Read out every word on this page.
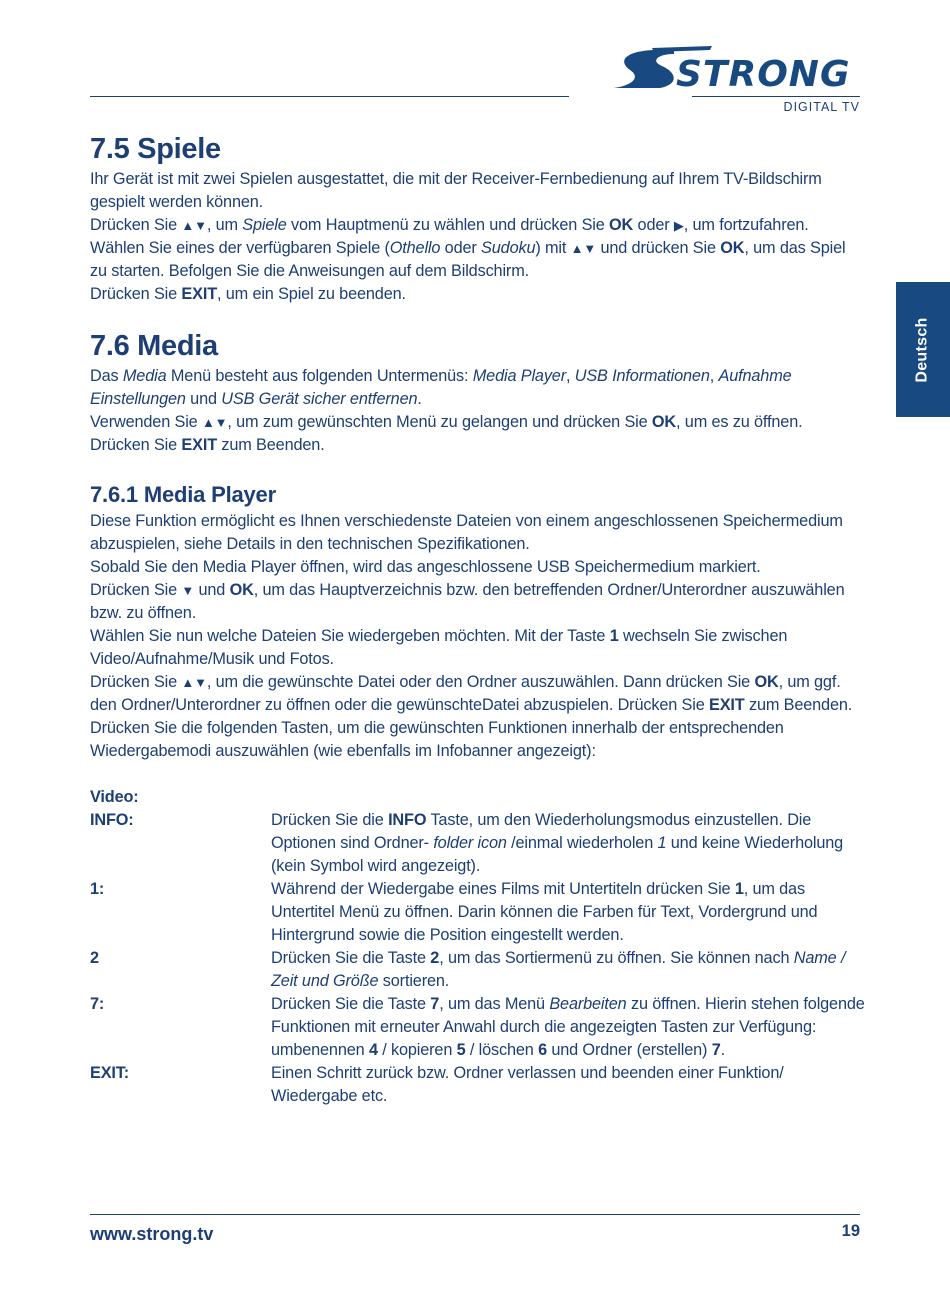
STRONG
DIGITAL TV
Deutsch
7.5 Spiele

Ihr Gerät ist mit zwei Spielen ausgestattet, die mit der Receiver-Fernbedienung auf Ihrem TV-Bildschirm gespielt werden können.

Drücken Sie ▲▼, um Spiele vom Hauptmenü zu wählen und drücken Sie OK oder ▶, um fortzufahren.

Wählen Sie eines der verfügbaren Spiele (Othello oder Sudoku) mit ▲▼ und drücken Sie OK, um das Spiel zu starten. Befolgen Sie die Anweisungen auf dem Bildschirm.

Drücken Sie EXIT, um ein Spiel zu beenden.

7.6 Media

Das Media Menü besteht aus folgenden Untermenüs: Media Player, USB Informationen, Aufnahme Einstellungen und USB Gerät sicher entfernen.

Verwenden Sie ▲▼, um zum gewünschten Menü zu gelangen und drücken Sie OK, um es zu öffnen.

Drücken Sie EXIT zum Beenden.

7.6.1 Media Player

Diese Funktion ermöglicht es Ihnen verschiedenste Dateien von einem angeschlossenen Speichermedium abzuspielen, siehe Details in den technischen Spezifikationen.

Sobald Sie den Media Player öffnen, wird das angeschlossene USB Speichermedium markiert.

Drücken Sie ▼ und OK, um das Hauptverzeichnis bzw. den betreffenden Ordner/Unterordner auszuwählen bzw. zu öffnen.

Wählen Sie nun welche Dateien Sie wiedergeben möchten. Mit der Taste 1 wechseln Sie zwischen Video/Aufnahme/Musik und Fotos.

Drücken Sie ▲▼, um die gewünschte Datei oder den Ordner auszuwählen. Dann drücken Sie OK, um ggf. den Ordner/Unterordner zu öffnen oder die gewünschteDatei abzuspielen. Drücken Sie EXIT zum Beenden.

Drücken Sie die folgenden Tasten, um die gewünschten Funktionen innerhalb der entsprechenden Wiedergabemodi auszuwählen (wie ebenfalls im Infobanner angezeigt):

Video:

INFO:	Drücken Sie die INFO Taste, um den Wiederholungsmodus einzustellen. Die Optionen sind Ordner- folder icon /einmal wiederholen 1 und keine Wiederholung (kein Symbol wird angezeigt).
1:	Während der Wiedergabe eines Films mit Untertiteln drücken Sie 1, um das Untertitel Menü zu öffnen. Darin können die Farben für Text, Vordergrund und Hintergrund sowie die Position eingestellt werden.
2	Drücken Sie die Taste 2, um das Sortiermenü zu öffnen. Sie können nach Name / Zeit und Größe sortieren.
7:	Drücken Sie die Taste 7, um das Menü Bearbeiten zu öffnen. Hierin stehen folgende Funktionen mit erneuter Anwahl durch die angezeigten Tasten zur Verfügung: umbenennen 4 / kopieren 5 / löschen 6 und Ordner (erstellen) 7.
EXIT:	Einen Schritt zurück bzw. Ordner verlassen und beenden einer Funktion/ Wiedergabe etc.
www.strong.tv	19
